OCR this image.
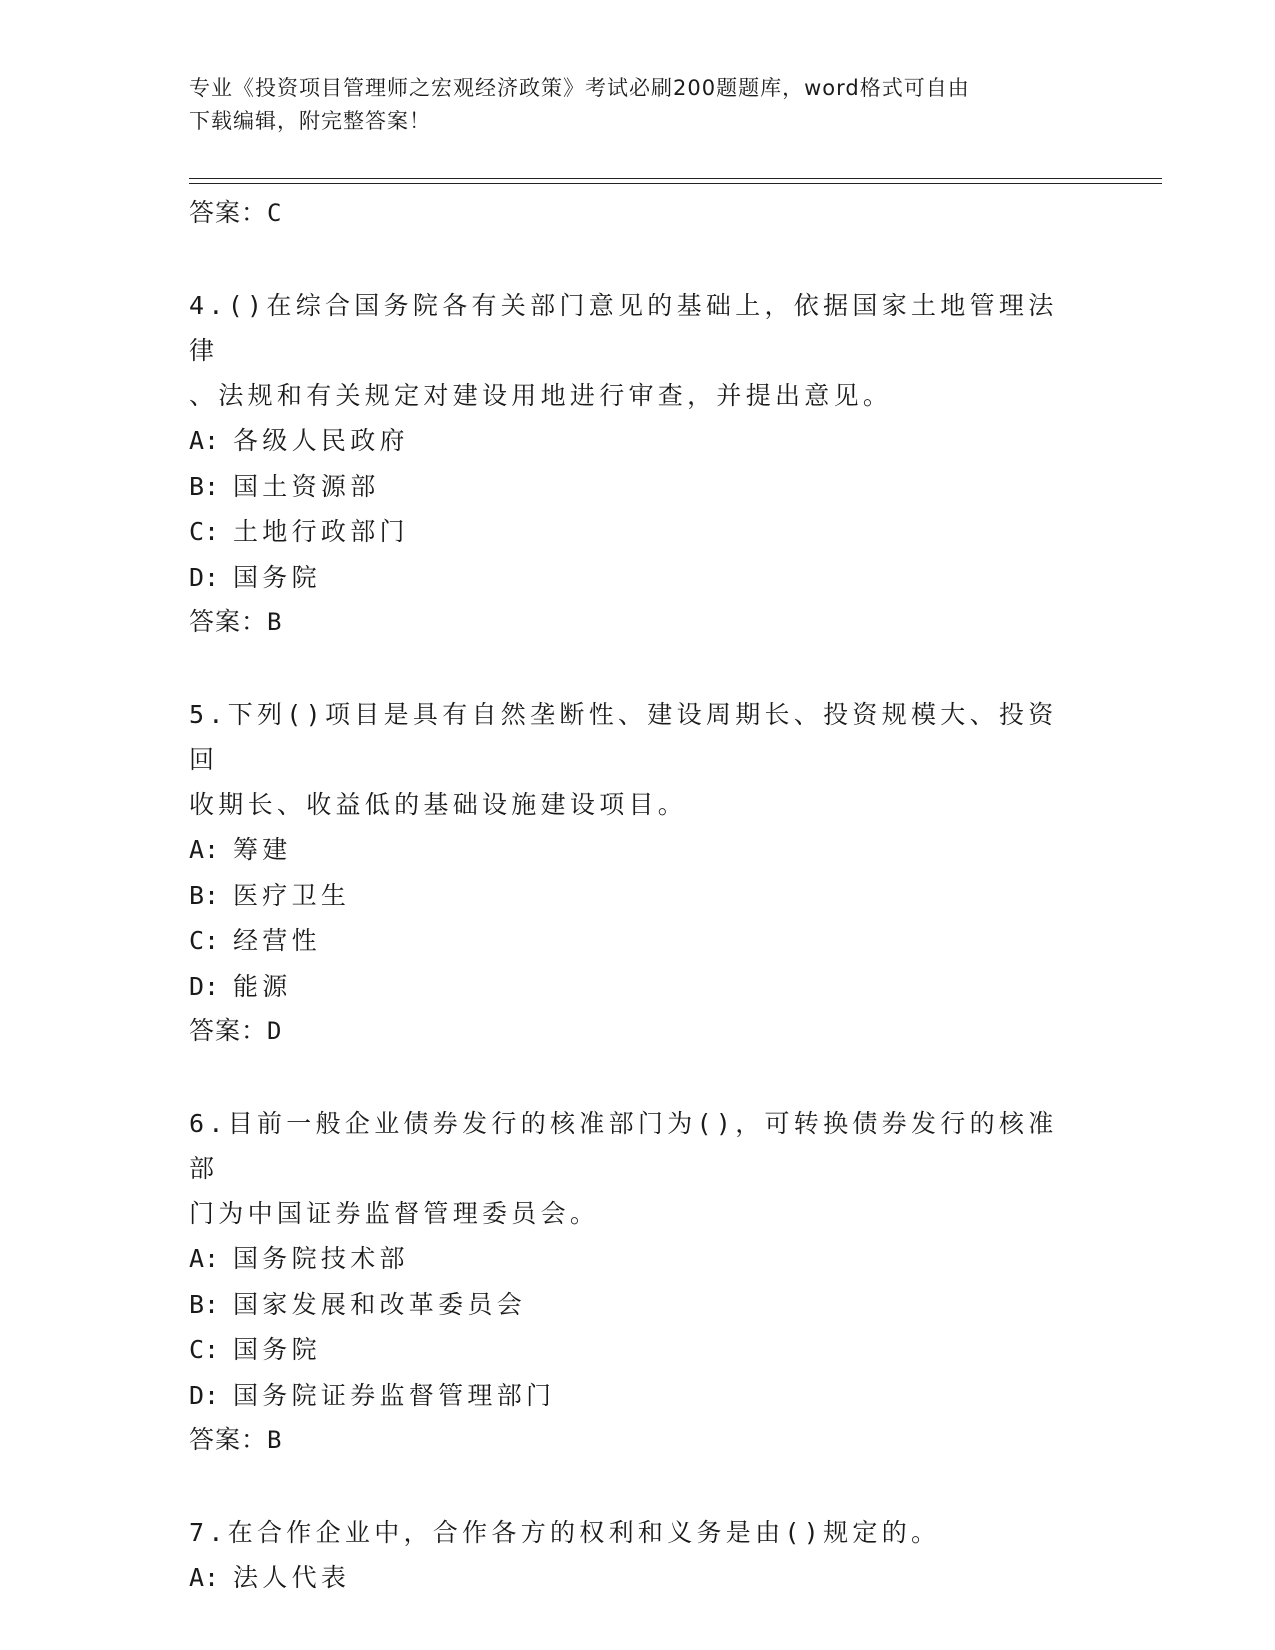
专业《投资项目管理师之宏观经济政策》考试必刷200题题库，word格式可自由
下载编辑，附完整答案！
答案：C
4.()在综合国务院各有关部门意见的基础上，依据国家土地管理法律
、法规和有关规定对建设用地进行审查，并提出意见。
A: 各级人民政府
B: 国土资源部
C: 土地行政部门
D: 国务院
答案：B
5.下列()项目是具有自然垄断性、建设周期长、投资规模大、投资回
收期长、收益低的基础设施建设项目。
A: 筹建
B: 医疗卫生
C: 经营性
D: 能源
答案：D
6.目前一般企业债券发行的核准部门为()，可转换债券发行的核准部
门为中国证券监督管理委员会。
A: 国务院技术部
B: 国家发展和改革委员会
C: 国务院
D: 国务院证券监督管理部门
答案：B
7.在合作企业中，合作各方的权利和义务是由()规定的。
A: 法人代表
